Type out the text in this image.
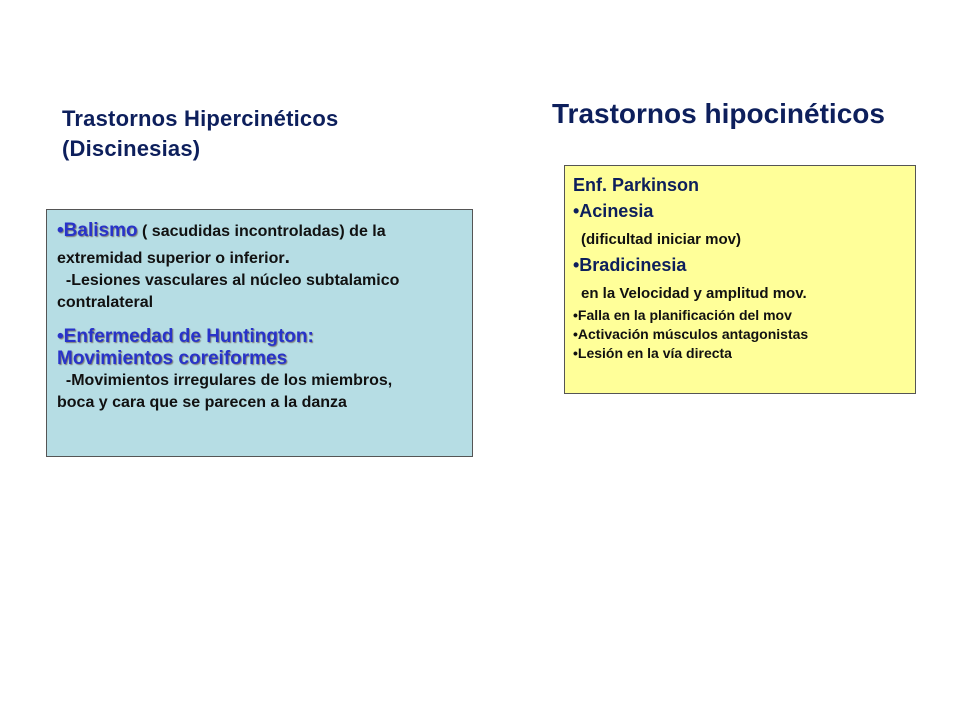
Trastornos Hipercinéticos
(Discinesias)
Trastornos hipocinéticos
•Balismo ( sacudidas incontroladas) de la
extremidad superior o inferior.
-Lesiones vasculares al núcleo subtalamico
contralateral
•Enfermedad de Huntington:
Movimientos coreiformes
-Movimientos irregulares de los miembros,
boca y cara que se parecen a la danza
Enf. Parkinson
•Acinesia
(dificultad iniciar mov)
•Bradicinesia
en la Velocidad y amplitud mov.
•Falla en la planificación del mov
•Activación músculos antagonistas
•Lesión en la vía directa
